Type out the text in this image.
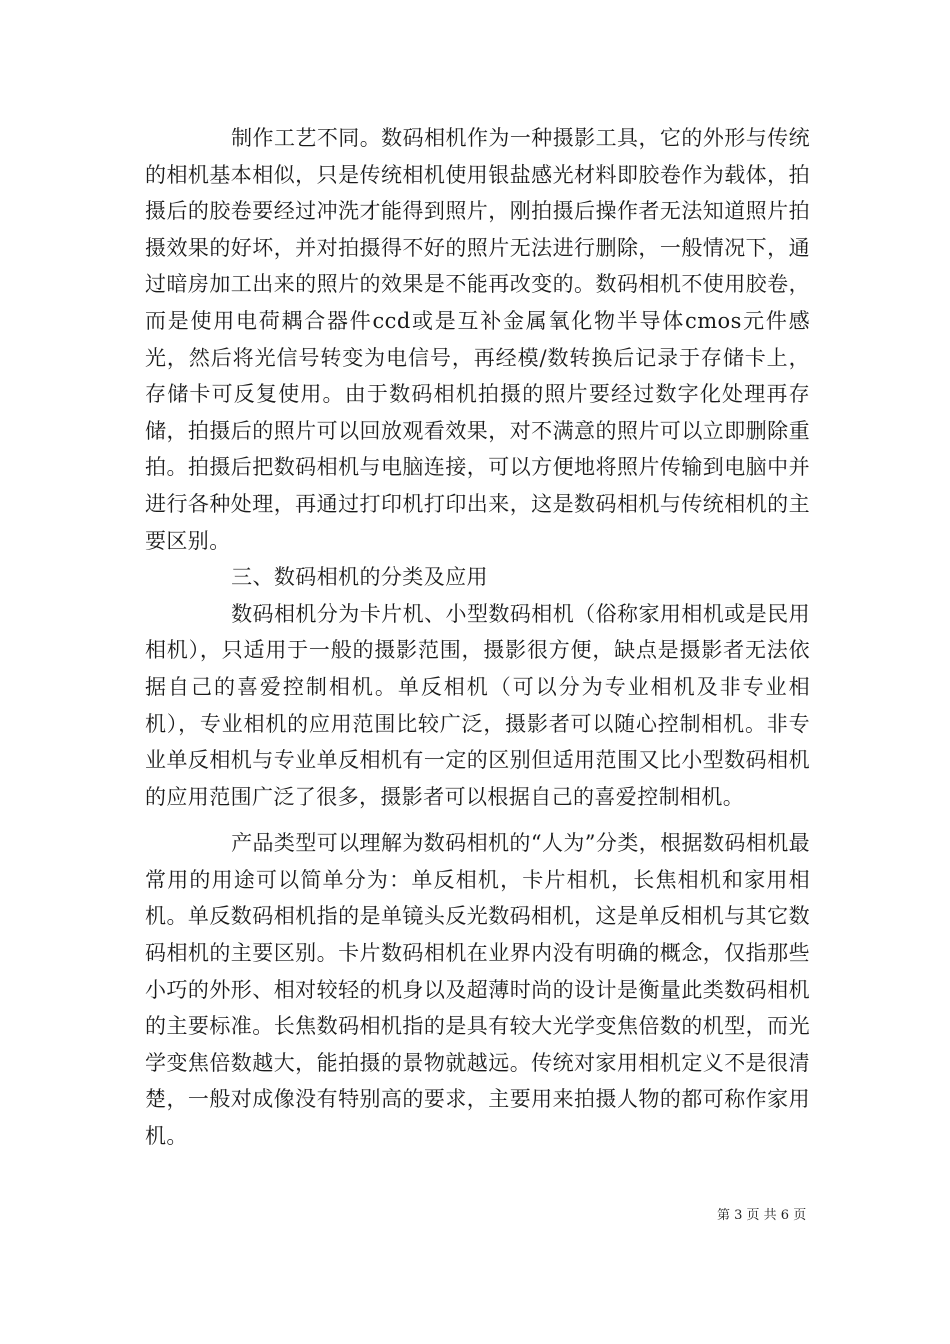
制作工艺不同。数码相机作为一种摄影工具，它的外形与传统的相机基本相似，只是传统相机使用银盐感光材料即胶卷作为载体，拍摄后的胶卷要经过冲洗才能得到照片，刚拍摄后操作者无法知道照片拍摄效果的好坏，并对拍摄得不好的照片无法进行删除，一般情况下，通过暗房加工出来的照片的效果是不能再改变的。数码相机不使用胶卷，而是使用电荷耦合器件ccd或是互补金属氧化物半导体cmos元件感光，然后将光信号转变为电信号，再经模/数转换后记录于存储卡上，存储卡可反复使用。由于数码相机拍摄的照片要经过数字化处理再存储，拍摄后的照片可以回放观看效果，对不满意的照片可以立即删除重拍。拍摄后把数码相机与电脑连接，可以方便地将照片传输到电脑中并进行各种处理，再通过打印机打印出来，这是数码相机与传统相机的主要区别。

三、数码相机的分类及应用

数码相机分为卡片机、小型数码相机（俗称家用相机或是民用相机），只适用于一般的摄影范围，摄影很方便，缺点是摄影者无法依据自己的喜爱控制相机。单反相机（可以分为专业相机及非专业相机），专业相机的应用范围比较广泛，摄影者可以随心控制相机。非专业单反相机与专业单反相机有一定的区别但适用范围又比小型数码相机的应用范围广泛了很多，摄影者可以根据自己的喜爱控制相机。

产品类型可以理解为数码相机的“人为”分类，根据数码相机最常用的用途可以简单分为：单反相机，卡片相机，长焦相机和家用相机。单反数码相机指的是单镜头反光数码相机，这是单反相机与其它数码相机的主要区别。卡片数码相机在业界内没有明确的概念，仅指那些小巧的外形、相对较轻的机身以及超薄时尚的设计是衡量此类数码相机的主要标准。长焦数码相机指的是具有较大光学变焦倍数的机型，而光学变焦倍数越大，能拍摄的景物就越远。传统对家用相机定义不是很清楚，一般对成像没有特别高的要求，主要用来拍摄人物的都可称作家用机。

第 3 页 共 6 页
